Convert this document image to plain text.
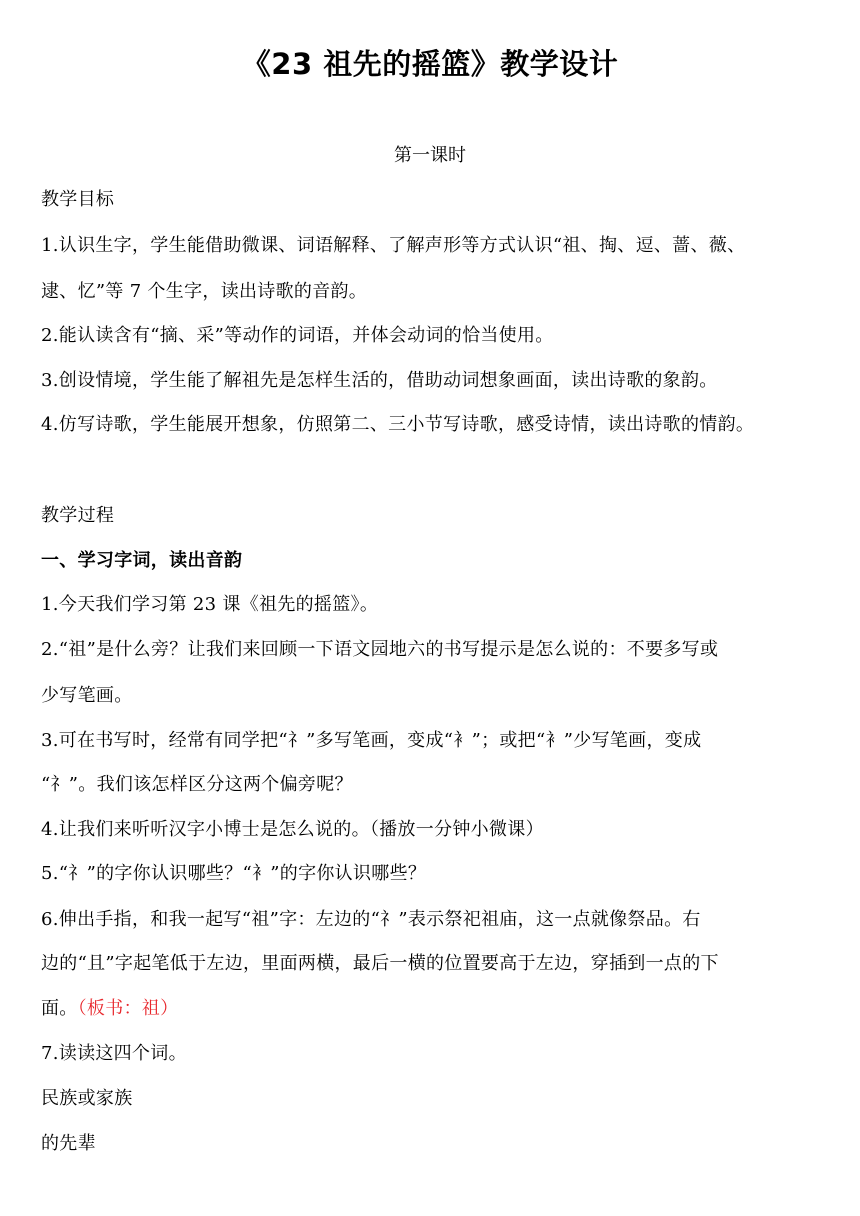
《23 祖先的摇篮》教学设计
第一课时
教学目标
1.认识生字，学生能借助微课、词语解释、了解声形等方式认识“祖、掏、逗、蔷、薇、
逮、忆”等 7 个生字，读出诗歌的音韵。
2.能认读含有“摘、采”等动作的词语，并体会动词的恰当使用。
3.创设情境，学生能了解祖先是怎样生活的，借助动词想象画面，读出诗歌的象韵。
4.仿写诗歌，学生能展开想象，仿照第二、三小节写诗歌，感受诗情，读出诗歌的情韵。
教学过程
一、学习字词，读出音韵
1.今天我们学习第 23 课《祖先的摇篮》。
2.“祖”是什么旁？让我们来回顾一下语文园地六的书写提示是怎么说的：不要多写或
少写笔画。
3.可在书写时，经常有同学把“礻”多写笔画，变成“衤”；或把“衤”少写笔画，变成
“礻”。我们该怎样区分这两个偏旁呢？
4.让我们来听听汉字小博士是怎么说的。（播放一分钟小微课）
5.“礻”的字你认识哪些？“衤”的字你认识哪些？
6.伸出手指，和我一起写“祖”字：左边的“礻”表示祭祀祖庙，这一点就像祭品。右
边的“且”字起笔低于左边，里面两横，最后一横的位置要高于左边，穿插到一点的下
面。（板书：祖）
7.读读这四个词。
民族或家族
的先辈
